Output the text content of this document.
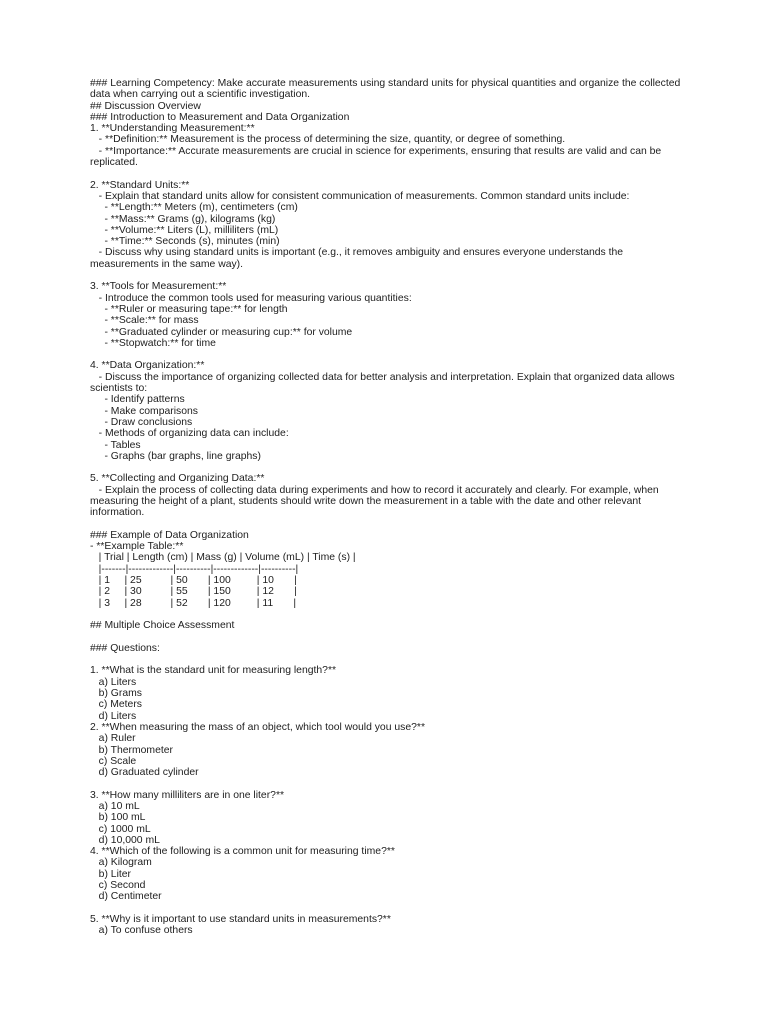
### Learning Competency: Make accurate measurements using standard units for physical quantities and organize the collected data when carrying out a scientific investigation.
## Discussion Overview
### Introduction to Measurement and Data Organization
1. **Understanding Measurement:**
- **Definition:** Measurement is the process of determining the size, quantity, or degree of something.
- **Importance:** Accurate measurements are crucial in science for experiments, ensuring that results are valid and can be replicated.
2. **Standard Units:**
- Explain that standard units allow for consistent communication of measurements. Common standard units include:
- **Length:** Meters (m), centimeters (cm)
- **Mass:** Grams (g), kilograms (kg)
- **Volume:** Liters (L), milliliters (mL)
- **Time:** Seconds (s), minutes (min)
- Discuss why using standard units is important (e.g., it removes ambiguity and ensures everyone understands the measurements in the same way).
3. **Tools for Measurement:**
- Introduce the common tools used for measuring various quantities:
- **Ruler or measuring tape:** for length
- **Scale:** for mass
- **Graduated cylinder or measuring cup:** for volume
- **Stopwatch:** for time
4. **Data Organization:**
- Discuss the importance of organizing collected data for better analysis and interpretation. Explain that organized data allows scientists to:
- Identify patterns
- Make comparisons
- Draw conclusions
- Methods of organizing data can include:
- Tables
- Graphs (bar graphs, line graphs)
5. **Collecting and Organizing Data:**
- Explain the process of collecting data during experiments and how to record it accurately and clearly. For example, when measuring the height of a plant, students should write down the measurement in a table with the date and other relevant information.
### Example of Data Organization
- **Example Table:**
| Trial | Length (cm) | Mass (g) | Volume (mL) | Time (s) |
|-------|-------------|----------|-------------|----------|
| 1     | 25          | 50       | 100         | 10       |
| 2     | 30          | 55       | 150         | 12       |
| 3     | 28          | 52       | 120         | 11       |
## Multiple Choice Assessment
### Questions:
1. **What is the standard unit for measuring length?**
a) Liters
b) Grams
c) Meters
d) Liters
2. **When measuring the mass of an object, which tool would you use?**
a) Ruler
b) Thermometer
c) Scale
d) Graduated cylinder
3. **How many milliliters are in one liter?**
a) 10 mL
b) 100 mL
c) 1000 mL
d) 10,000 mL
4. **Which of the following is a common unit for measuring time?**
a) Kilogram
b) Liter
c) Second
d) Centimeter
5. **Why is it important to use standard units in measurements?**
a) To confuse others
